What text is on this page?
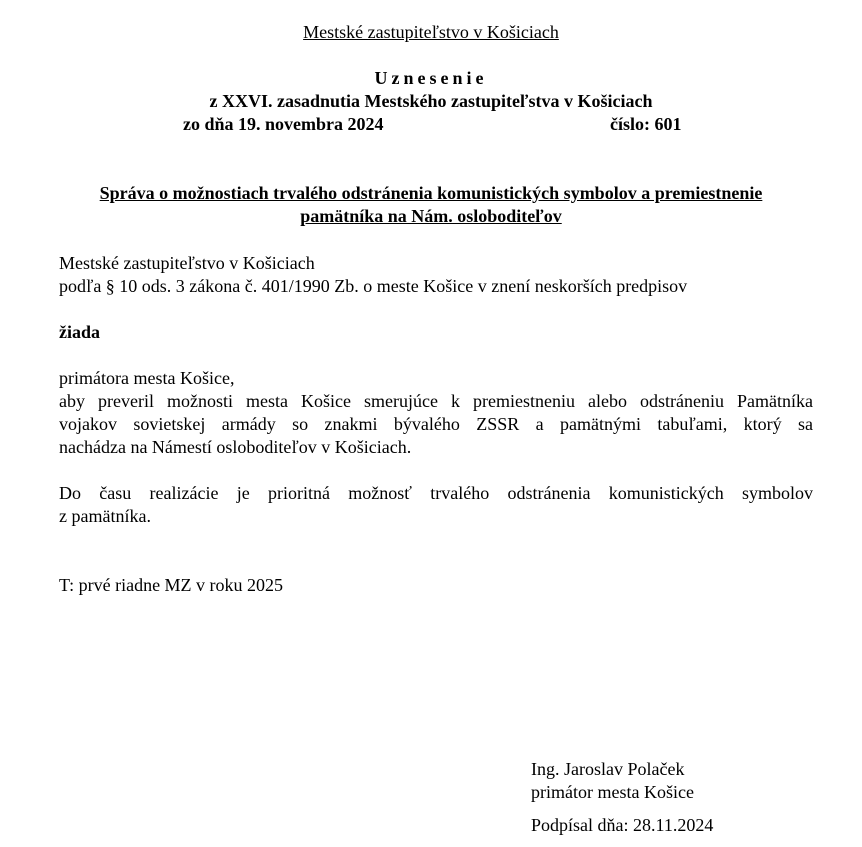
Mestské zastupiteľstvo v Košiciach
Uznesenie
z XXVI. zasadnutia Mestského zastupiteľstva v Košiciach
zo dňa 19. novembra 2024	číslo: 601
Správa o možnostiach trvalého odstránenia komunistických symbolov a premiestnenie
pamätníka na Nám. osloboditeľov
Mestské zastupiteľstvo v Košiciach
podľa § 10 ods. 3 zákona č. 401/1990 Zb. o meste Košice v znení neskorších predpisov
žiada
primátora mesta Košice,
aby preveril možnosti mesta Košice smerujúce k premiestneniu alebo odstráneniu Pamätníka
vojakov sovietskej armády so znakmi bývalého ZSSR a pamätnými tabuľami, ktorý sa
nachádza na Námestí osloboditeľov v Košiciach.
Do času realizácie je prioritná možnosť trvalého odstránenia komunistických symbolov
z pamätníka.
T: prvé riadne MZ v roku 2025
Ing. Jaroslav Polaček
primátor mesta Košice
Podpísal dňa: 28.11.2024
